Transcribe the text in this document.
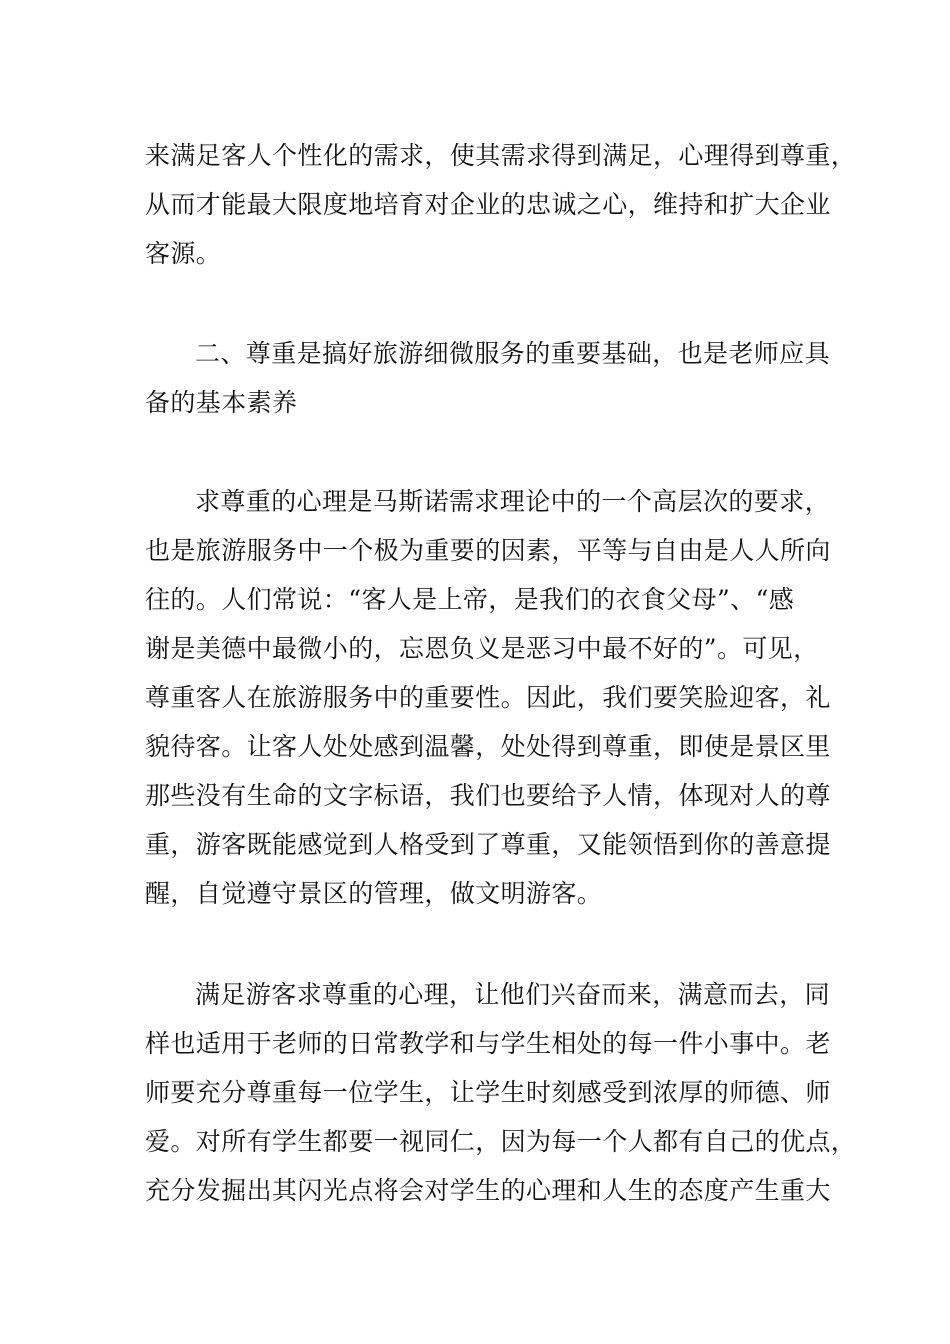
来满足客人个性化的需求，使其需求得到满足，心理得到尊重，
从而才能最大限度地培育对企业的忠诚之心，维持和扩大企业
客源。
二、尊重是搞好旅游细微服务的重要基础，也是老师应具
备的基本素养
求尊重的心理是马斯诺需求理论中的一个高层次的要求，
也是旅游服务中一个极为重要的因素，平等与自由是人人所向
往的。人们常说：“客人是上帝，是我们的衣食父母”、“感
谢是美德中最微小的，忘恩负义是恶习中最不好的”。可见，
尊重客人在旅游服务中的重要性。因此，我们要笑脸迎客，礼
貌待客。让客人处处感到温馨，处处得到尊重，即使是景区里
那些没有生命的文字标语，我们也要给予人情，体现对人的尊
重，游客既能感觉到人格受到了尊重，又能领悟到你的善意提
醒，自觉遵守景区的管理，做文明游客。
满足游客求尊重的心理，让他们兴奋而来，满意而去，同
样也适用于老师的日常教学和与学生相处的每一件小事中。老
师要充分尊重每一位学生，让学生时刻感受到浓厚的师德、师
爱。对所有学生都要一视同仁，因为每一个人都有自己的优点，
充分发掘出其闪光点将会对学生的心理和人生的态度产生重大
